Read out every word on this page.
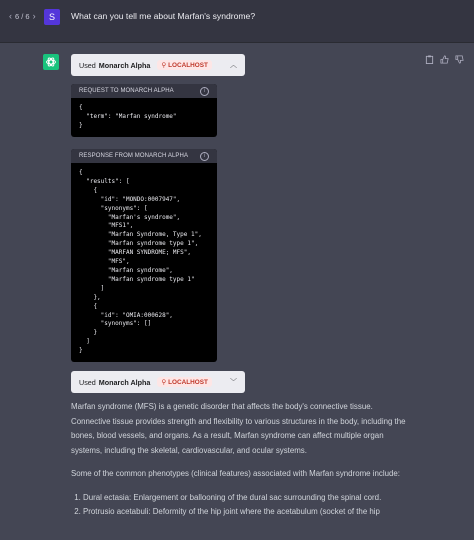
‹ 6 / 6 ›	S	What can you tell me about Marfan's syndrome?
Used Monarch Alpha ⚲ LOCALHOST	︿
REQUEST TO MONARCH ALPHA	i
{
"term": "Marfan syndrome"
}
RESPONSE FROM MONARCH ALPHA	i
{
"results": [
{
"id": "MONDO:0007947",
"synonyms": [
"Marfan's syndrome",
"MFS1",
"Marfan Syndrome, Type 1",
"Marfan syndrome type 1",
"MARFAN SYNDROME; MFS",
"MFS",
"Marfan syndrome",
"Marfan syndrome type 1"
]
},
{
"id": "OMIA:000628",
"synonyms": []
}
]
}
Used Monarch Alpha ⚲ LOCALHOST	﹀

Marfan syndrome (MFS) is a genetic disorder that affects the body's connective tissue. Connective tissue provides strength and flexibility to various structures in the body, including the bones, blood vessels, and organs. As a result, Marfan syndrome can affect multiple organ systems, including the skeletal, cardiovascular, and ocular systems.

Some of the common phenotypes (clinical features) associated with Marfan syndrome include:

1. Dural ectasia: Enlargement or ballooning of the dural sac surrounding the spinal cord.
2. Protrusio acetabuli: Deformity of the hip joint where the acetabulum (socket of the hip
